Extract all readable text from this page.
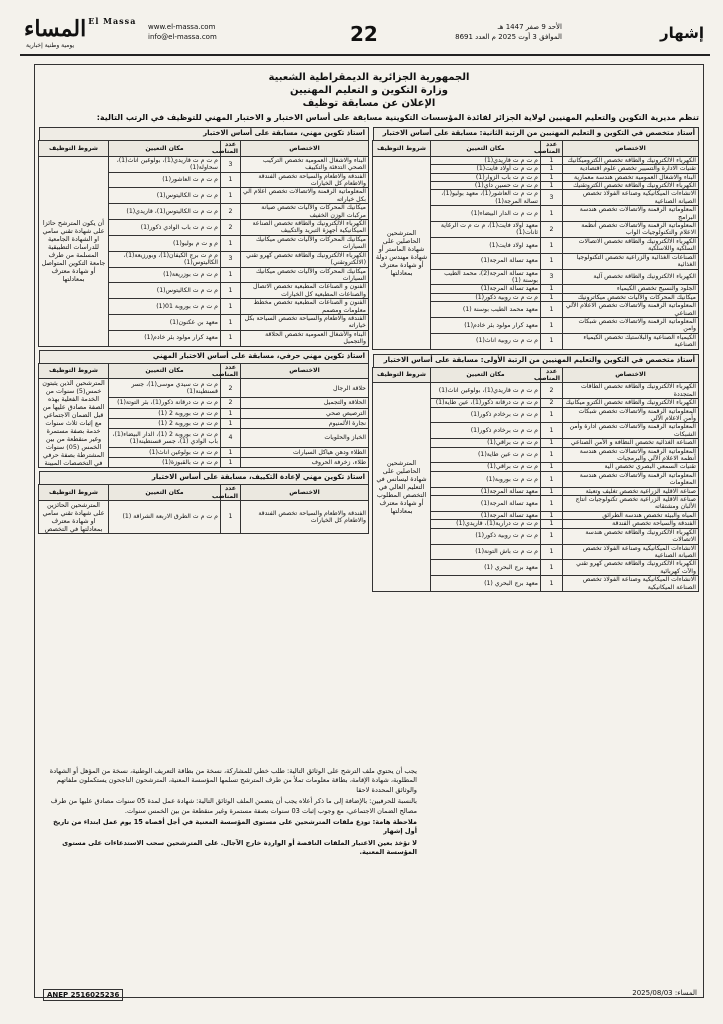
المساء $^{El Massa}$
يومية وطنية إخبارية
www.el-massa.com
info@el-massa.com	22	الأحد 9 صفر 1447 هـ
الموافق 3 أوت 2025 م العدد 8691	إشهار
الجمهورية الجزائرية الديمقراطية الشعبية
وزارة التكوين و التعليم المهنيين
الإعلان عن مسابقة توظيف
تنظم مديرية التكوين والتعليم المهنيين لولاية الجزائر لفائدة المؤسسات التكوينية مسابقة على أساس الاختبار و الاختبار المهني للتوظيف في الرتب التالية:
أستاذ متخصص في التكوين و التعليم المهنيين من الرتبة الثانية: مسابقة على أساس الاختبار
الاختصاص	عدد المناصب	مكان التعيين	شروط التوظيف
الكهرباء الالكترونيك والطاقة تخصص الكتروميكانيك	1	م ت م ت قاريدي(1)	المترشحين الحاصلين على شهادة الماستر أو شهادة مهندس دولة أو شهادة معترف بمعادلتها
تقنيات الادارة والتسيير تخصص علوم اقتصادية	1	م ت م ت أولاد فايت(1)	
البناء والاشغال العمومية تخصص هندسة معمارية	1	م ت م ت باب الزوار(1)	
الكهرباء الالكترونيك والطاقة تخصص الكتروتقنيك	1	م ت م ت حسين داي(1)	
الانشاءات الميكانيكية وصناعة الفولاذ تخصص الصيانة الصناعية	3	م ت م ت العاشور(1)، معهد بوليو(1)، تسالة المرجة(1)	
المعلوماتية الرقمنة والاتصالات تخصص هندسة البرامج	1	م ت م ت الدار البيضاء(1)	
المعلوماتية الرقمنة والاتصالات تخصص أنظمة الاعلام والتكنولوجيات الواب	2	معهد اولاد فايت(1)، م ت م ت الرغاية ثانات(1)	
الكهرباء الالكترونيك والطاقة تخصص الاتصالات السلكية واللاسلكية	1	معهد اولاد فايت(1)	
الصناعات الغذائية والزراعية تخصص التكنولوجيا الغذائية	1	معهد تسالة المرجة(1)	
الكهرباء الالكترونيك والطاقة تخصص آلية	3	معهد تسالة المرجة(2)، محمد الطيب بوسنة (1)	
الجلود والنسيج تخصص الكيمياء	1	معهد تسالة المرجة(1)	
ميكانيك المحركات والآليات تخصص ميكاترونيك	1	م ت م ت روبية ذكور(1)	
المعلوماتية الرقمنة والاتصالات تخصص الاعلام الآلي الصناعي	1	معهد محمد الطيب بوسنة (1)	
المعلوماتية الرقمنة والاتصالات تخصص شبكات وامن	1	معهد كرار مولود بئر خادم(1)	
الكيمياء الصناعية والبلاستيك تخصص الكيمياء الصناعية	1	م ت م ت روبية اناث(1)	
أستاذ متخصص في التكوين والتعليم المهنيين من الرتبة الأولى: مسابقة على أساس الاختبار
الاختصاص	عدد المناصب	مكان التعيين	شروط التوظيف
الكهرباء الالكترونيك والطاقة تخصص الطاقات المتجددة	2	م ت م ت قاريدي(1)، بولوغين اناث(1)	المترشحين الحاصلين على شهادة ليسانس في التعليم العالي في التخصص المطلوب أو شهادة معترف بمعادلتها
الكهرباء الالكترونيك والطاقة تخصص الكترو ميكانيك	2	م ت م ت درقانة ذكور(1)، عين طاية(1)	
المعلوماتية الرقمنة والاتصالات تخصص شبكات وأمن الاعلام الآلي	1	م ت م ت برخادم ذكور(1)	
المعلوماتية الرقمنة والاتصالات تخصص ادارة وأمن الشبكات	1	م ت م ت برخادم ذكور(1)	
الصناعة الغذائية تخصص النظافة و الأمن الصناعي	1	م ت م ت براقي(1)	
المعلوماتية الرقمنة والاتصالات تخصص هندسة أنظمة الاعلام الآلي والبرمجيات	1	م ت م ت عين طاية(1)	
تقنيات السمعي البصري تخصص آلية	1	م ت م ت براقي(1)	
المعلوماتية الرقمنة والاتصالات تخصص هندسة المعلومات	1	م ت م ت بوروبة(1)	
صناعة الاقلية الزراعية تخصص تغليف وتعبئة	1	معهد تسالة المرجة(1)	
صناعة الاقلية الزراعية تخصص تكنولوجيات انتاج الألبان ومشتقاته	1	معهد تسالة المرجة(1)	
المياه والبيئة تخصص هندسة الطرائق	1	معهد تسالة المرجة(1)	
الفندقة والسياحة تخصص الفندقة	1	م ت م ت درارية(1)، قاريدي(1)	
الكهرباء الالكترونيك والطاقة تخصص هندسة الاتصالات	1	م ت م ت روبية ذكور(1)	
الانشاءات الميكانيكية وصناعة الفولاذ تخصص الصيانة الصناعية	1	م ت م ت باش التونة(1)	
الكهرباء الالكترونيك والطاقة تخصص كهرو تقني والآت كهربائية	1	معهد برج البحري (1)	
الانشاءات الميكانيكية وصناعة الفولاذ تخصص الصناعة الميكانيكية	1	معهد برج البحري (1)	
استاذ تكوين مهني، مسابقة على أساس الاختبار
الاختصاص	عدد المناصب	مكان التعيين	شروط التوظيف
البناء والاشغال العمومية تخصص التركيب الصحي التدفئة والتكييف	3	م ت م ت قاريدي(1)، بولوغين اناث(1)، سحاولة(1)	أن يكون المترشح حائزا على شهادة تقني سامي او الشهادة الجامعية للدراسات التطبيقية المسلمة من طرف جامعة التكوين المتواصل أو شهادة معترف بمعادلتها
الفندقة والاطعام والسياحة تخصص الفندقة والاطعام كل الخيارات	1	م ت م ت العاشور(1)	
المعلوماتية الرقمنة والاتصالات تخصص اعلام آلي بكل خياراته	1	م ت م ت الكاليتوس(1)	
ميكانيك المحركات والآليات تخصص صيانة مركبات الوزن الخفيف	2	م ت م ت الكاليتوس(1)، قاريدي(1)	
الكهرباء الالكترونيك والطاقة تخصص الصناعة الميكانيكية أجهزة التبريد والتكييف	2	م ت م ت باب الوادي ذكور(1)	
ميكانيك المحركات والآليات تخصص ميكانيك السيارات	1	م و ت م بوليو(1)	
الكهرباء الالكترونيك والطاقة تخصص كهرو تقني (الالكتروتقني)	3	م م ت برج الكيفان(1)، وبورزيعة(1)، الكاليتوس(1)	
ميكانيك المحركات والآليات تخصص ميكانيك السيارات	1	م ت م ت بوزريعة(1)	
الفنون و الصناعات المطبعية تخصص الاتصال والصناعات المطبعية كل الخيارات	1	م ت م ت الكاليتوس(1)	
الفنون و الصناعات المطبعية تخصص مخطط معلومات ومصمم	1	م ت م ت بوروبة 01(1)	
الفندقة والاطعام والسياحة تخصص السياحة بكل خياراته	1	معهد بن عكنون(1)	
البناء والأشغال العمومية تخصص الحلاقة والتجميل	1	معهد كرار مولود بئر خادم(1)	
استاذ تكوين مهني حرفي، مسابقة على أساس الاختبار المهني
الاختصاص	عدد المناصب	مكان التعيين	شروط التوظيف
حلاقة الرجال	2	م ت م ت سيدي موسى(1)، جسر قسنطينة(1)	المترشحين الذين يثبتون خمس(5) سنوات من الخدمة الفعلية بهذه الصفة مصادق عليها من قبل الضمان الاجتماعي مع إثبات ثلاث سنوات خدمة بصفة مستمرة وغير منقطعة من بين الخمس (05) سنوات المشترطة بصفة حرفي في التخصصات المبينة
الحلاقة والتجميل	2	م ت م ت درقانة ذكور(1)، بئر التوتة(1)	
الترصيص صحي	1	م ت م ت بوروبة 2 (1)	
نجارة الألمنيوم	1	م ت م ت بوروبة 2 (1)	
الخباز والحلويات	4	م ت م ت بوروبة 2 (1)، الدار البيضاء(1)، باب الوادي (1)، جسر قسنطينة(1)	
الطلاء ودهن هياكل السيارات	1	م ت م ت بولوغين اناث(1)	
طلاء، زخرفة الحروف	1	م ت م ت بالقبوزة(1)	
استاذ تكوين مهني لإعادة التكييف، مسابقة على أساس الاختبار
الاختصاص	عدد المناصب	مكان التعيين	شروط التوظيف
الفندقة والاطعام والسياحة تخصص الفندقة والاطعام كل الخيارات	1	م ت م ت الطرق الاربعة الشراقة (1)	المترشحين الحائزين على شهادة تقني سامي او شهادة معترف بمعادلتها في التخصص

يجب أن يحتوي ملف الترشح على الوثائق التالية: طلب خطي للمشاركة، نسخة من بطاقة التعريف الوطنية، نسخة من المؤهل أو الشهادة المطلوبة، شهادة الإقامة، بطاقة معلومات تملأ من طرف المترشح تسلمها المؤسسة المعنية، المترشحون الناجحون يستكملون ملفاتهم والوثائق المحددة لاحقا

بالنسبة للحرفيين: بالإضافة إلى ما ذكر أعلاه يجب أن يتضمن الملف الوثائق التالية: شهادة عمل لمدة 05 سنوات مصادق عليها من طرف مصالح الضمان الاجتماعي، مع وجوب إثبات 03 سنوات بصفة مستمرة وغير منقطعة من بين الخمس سنوات.

ملاحظة هامة: تودع ملفات المترشحين على مستوى المؤسسة المعنية في أجل أقصاه 15 يوم عمل ابتداء من تاريخ أول إشهار

لا تؤخذ بعين الاعتبار الملفات الناقصة أو الواردة خارج الآجال. على المترشحين سحب الاستدعاءات على مستوى المؤسسة المعنية.

ANEP 2516025236	المساء: 2025/08/03
